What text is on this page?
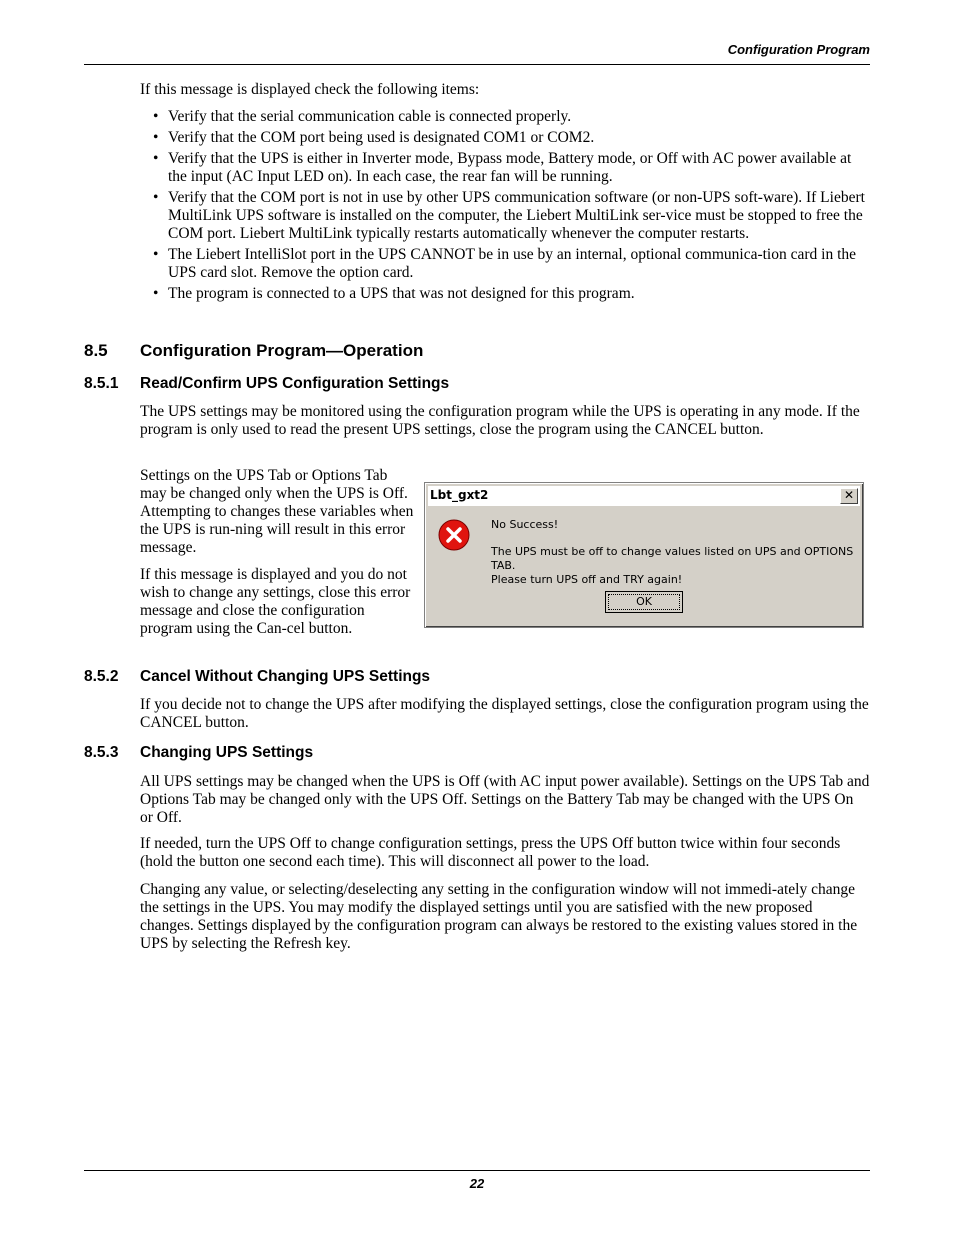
Configuration Program

If this message is displayed check the following items:

• Verify that the serial communication cable is connected properly.
• Verify that the COM port being used is designated COM1 or COM2.
• Verify that the UPS is either in Inverter mode, Bypass mode, Battery mode, or Off with AC power available at the input (AC Input LED on). In each case, the rear fan will be running.
• Verify that the COM port is not in use by other UPS communication software (or non-UPS soft-ware). If Liebert MultiLink UPS software is installed on the computer, the Liebert MultiLink ser-vice must be stopped to free the COM port. Liebert MultiLink typically restarts automatically whenever the computer restarts.
• The Liebert IntelliSlot port in the UPS CANNOT be in use by an internal, optional communica-tion card in the UPS card slot. Remove the option card.
• The program is connected to a UPS that was not designed for this program.
8.5 Configuration Program—Operation
8.5.1 Read/Confirm UPS Configuration Settings

The UPS settings may be monitored using the configuration program while the UPS is operating in any mode. If the program is only used to read the present UPS settings, close the program using the CANCEL button.

Settings on the UPS Tab or Options Tab may be changed only when the UPS is Off. Attempting to changes these variables when the UPS is run-ning will result in this error message.

If this message is displayed and you do not wish to change any settings, close this error message and close the configuration program using the Can-cel button.

Lbt_gxt2	✕
No Success!
The UPS must be off to change values listed on UPS and OPTIONS TAB.
Please turn UPS off and TRY again!
OK
8.5.2 Cancel Without Changing UPS Settings

If you decide not to change the UPS after modifying the displayed settings, close the configuration program using the CANCEL button.

8.5.3 Changing UPS Settings

All UPS settings may be changed when the UPS is Off (with AC input power available). Settings on the UPS Tab and Options Tab may be changed only with the UPS Off. Settings on the Battery Tab may be changed with the UPS On or Off.

If needed, turn the UPS Off to change configuration settings, press the UPS Off button twice within four seconds (hold the button one second each time). This will disconnect all power to the load.

Changing any value, or selecting/deselecting any setting in the configuration window will not immedi-ately change the settings in the UPS. You may modify the displayed settings until you are satisfied with the new proposed changes. Settings displayed by the configuration program can always be restored to the existing values stored in the UPS by selecting the Refresh key.

22
